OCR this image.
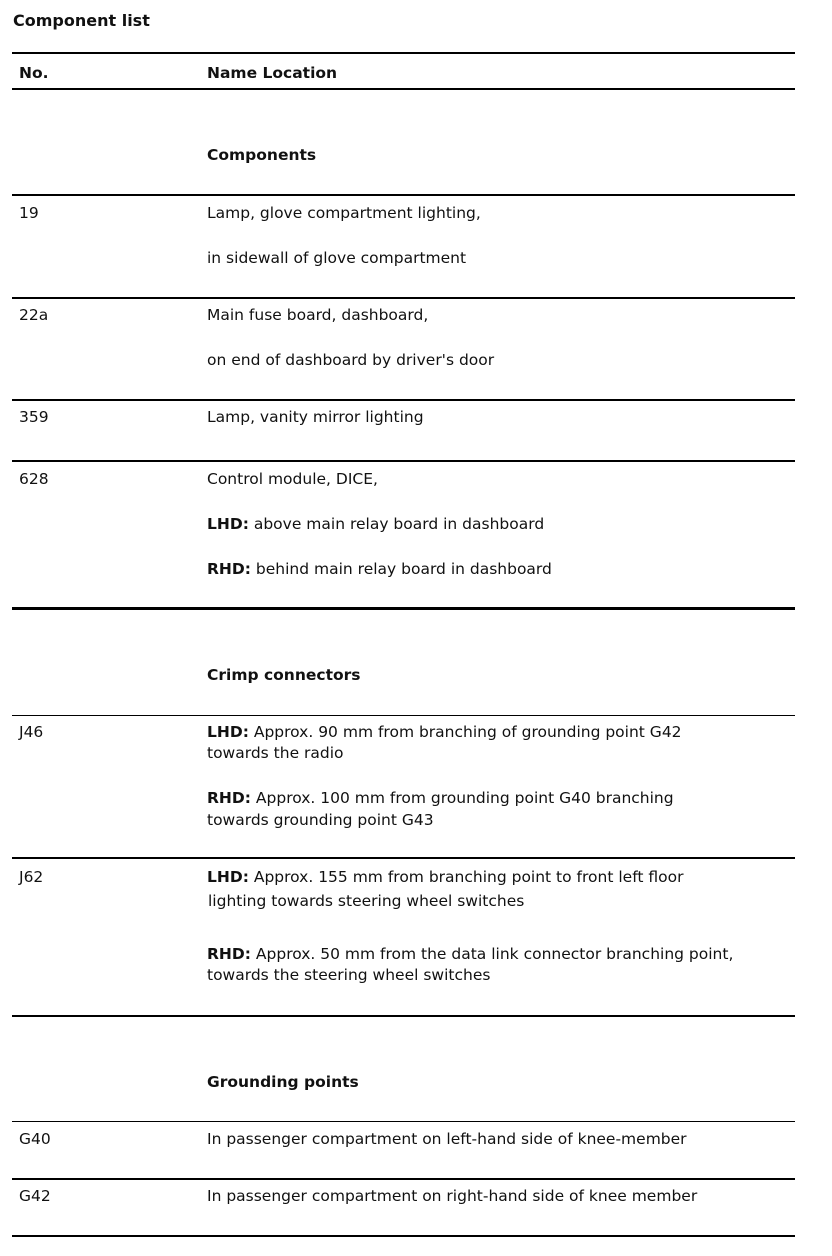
Component list
No.	Name Location
Components
19	Lamp, glove compartment lighting,
in sidewall of glove compartment
22a	Main fuse board, dashboard,
on end of dashboard by driver's door
359	Lamp, vanity mirror lighting
628	Control module, DICE,
LHD: above main relay board in dashboard
RHD: behind main relay board in dashboard
Crimp connectors
J46	LHD: Approx. 90 mm from branching of grounding point G42
towards the radio
RHD: Approx. 100 mm from grounding point G40 branching
towards grounding point G43
J62	LHD: Approx. 155 mm from branching point to front left floor
lighting towards steering wheel switches
RHD: Approx. 50 mm from the data link connector branching point,
towards the steering wheel switches
Grounding points
G40	In passenger compartment on left-hand side of knee-member
G42	In passenger compartment on right-hand side of knee member
